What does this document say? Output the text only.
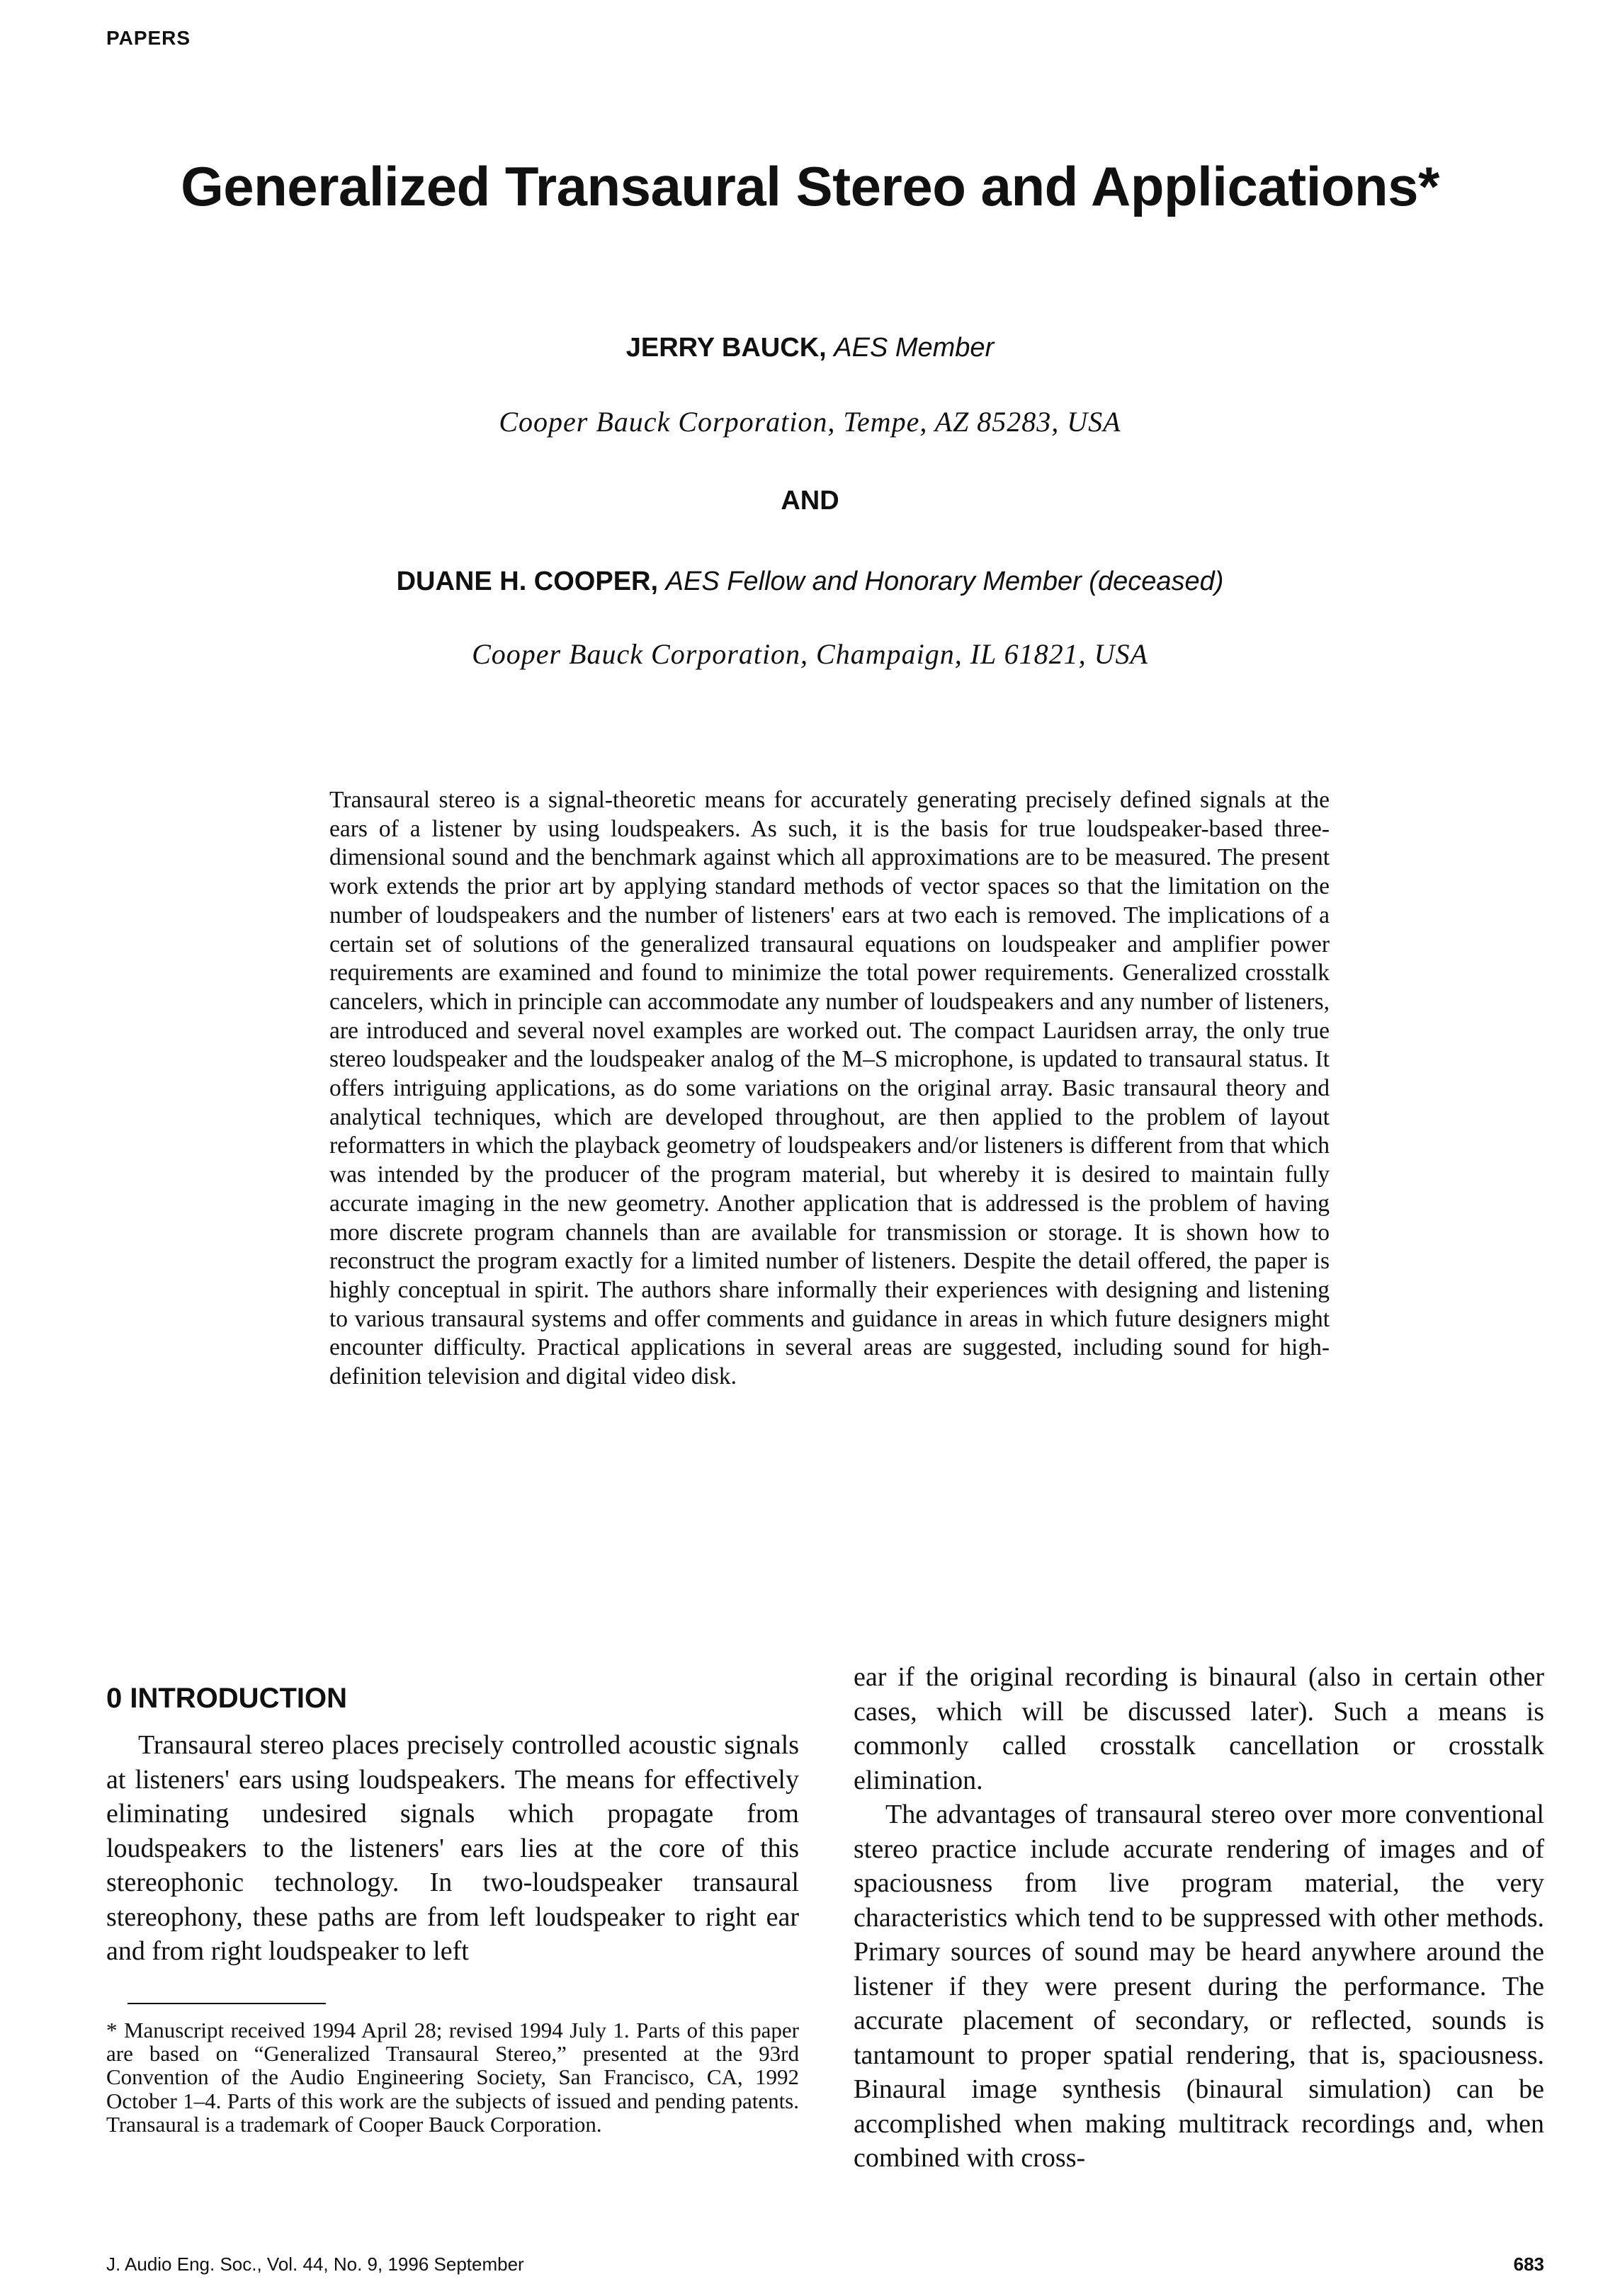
PAPERS
Generalized Transaural Stereo and Applications*
JERRY BAUCK, AES Member
Cooper Bauck Corporation, Tempe, AZ 85283, USA
AND
DUANE H. COOPER, AES Fellow and Honorary Member (deceased)
Cooper Bauck Corporation, Champaign, IL 61821, USA

Transaural stereo is a signal-theoretic means for accurately generating precisely defined signals at the ears of a listener by using loudspeakers. As such, it is the basis for true loudspeaker-based three-dimensional sound and the benchmark against which all approximations are to be measured. The present work extends the prior art by applying standard methods of vector spaces so that the limitation on the number of loudspeakers and the number of listeners' ears at two each is removed. The implications of a certain set of solutions of the generalized transaural equations on loudspeaker and amplifier power requirements are examined and found to minimize the total power requirements. Generalized crosstalk cancelers, which in principle can accommodate any number of loudspeakers and any number of listeners, are introduced and several novel examples are worked out. The compact Lauridsen array, the only true stereo loudspeaker and the loudspeaker analog of the M–S microphone, is updated to transaural status. It offers intriguing applications, as do some variations on the original array. Basic transaural theory and analytical techniques, which are developed throughout, are then applied to the problem of layout reformatters in which the playback geometry of loudspeakers and/or listeners is different from that which was intended by the producer of the program material, but whereby it is desired to maintain fully accurate imaging in the new geometry. Another application that is addressed is the problem of having more discrete program channels than are available for transmission or storage. It is shown how to reconstruct the program exactly for a limited number of listeners. Despite the detail offered, the paper is highly conceptual in spirit. The authors share informally their experiences with designing and listening to various transaural systems and offer comments and guidance in areas in which future designers might encounter difficulty. Practical applications in several areas are suggested, including sound for high-definition television and digital video disk.

0 INTRODUCTION

Transaural stereo places precisely controlled acoustic signals at listeners' ears using loudspeakers. The means for effectively eliminating undesired signals which propagate from loudspeakers to the listeners' ears lies at the core of this stereophonic technology. In two-loudspeaker transaural stereophony, these paths are from left loudspeaker to right ear and from right loudspeaker to left

* Manuscript received 1994 April 28; revised 1994 July 1. Parts of this paper are based on “Generalized Transaural Stereo,” presented at the 93rd Convention of the Audio Engineering Society, San Francisco, CA, 1992 October 1–4. Parts of this work are the subjects of issued and pending patents. Transaural is a trademark of Cooper Bauck Corporation.

ear if the original recording is binaural (also in certain other cases, which will be discussed later). Such a means is commonly called crosstalk cancellation or crosstalk elimination.

The advantages of transaural stereo over more conventional stereo practice include accurate rendering of images and of spaciousness from live program material, the very characteristics which tend to be suppressed with other methods. Primary sources of sound may be heard anywhere around the listener if they were present during the performance. The accurate placement of secondary, or reflected, sounds is tantamount to proper spatial rendering, that is, spaciousness. Binaural image synthesis (binaural simulation) can be accomplished when making multitrack recordings and, when combined with cross-

J. Audio Eng. Soc., Vol. 44, No. 9, 1996 September	683
